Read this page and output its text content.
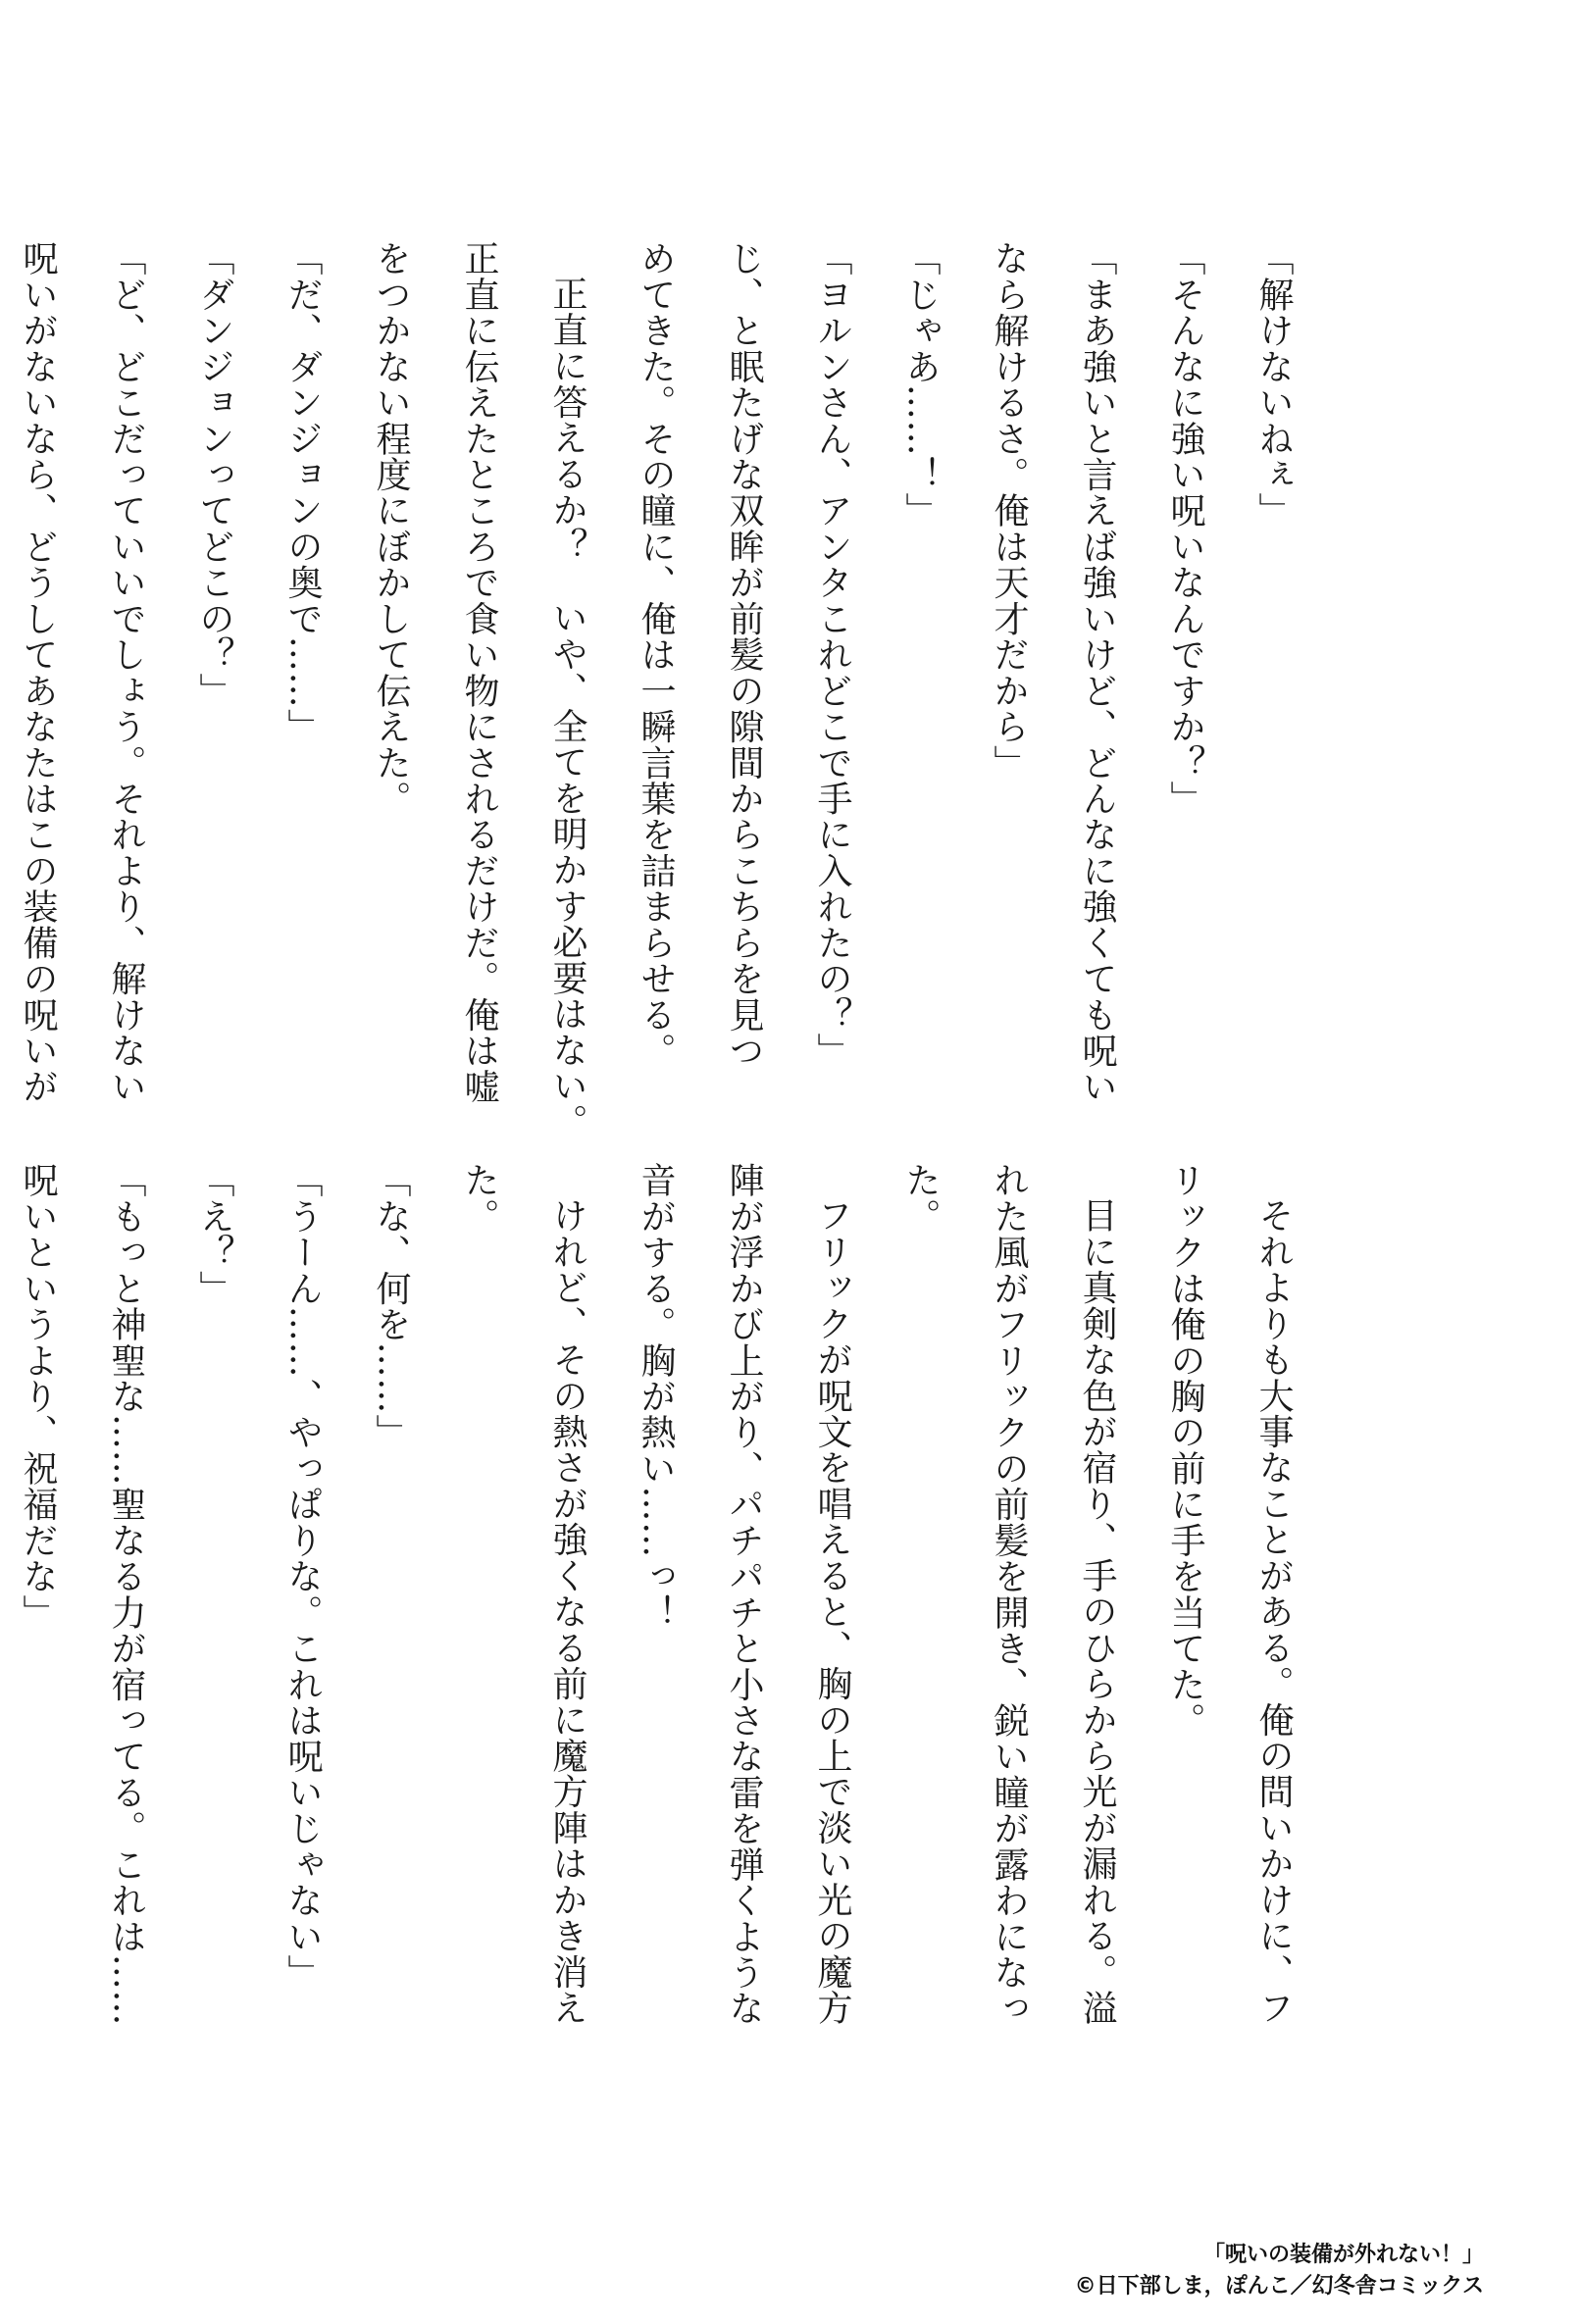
「解けないねぇ」
「そんなに強い呪いなんですか？」
「まあ強いと言えば強いけど、どんなに強くても呪い
なら解けるさ。俺は天才だから」
「じゃあ……！」
「ヨルンさん、アンタこれどこで手に入れたの？」
じ、と眠たげな双眸が前髪の隙間からこちらを見つ
めてきた。その瞳に、俺は一瞬言葉を詰まらせる。
正直に答えるか？　いや、全てを明かす必要はない。
正直に伝えたところで食い物にされるだけだ。俺は嘘
をつかない程度にぼかして伝えた。
「だ、ダンジョンの奥で……」
「ダンジョンってどこの？」
「ど、どこだっていいでしょう。それより、解けない
呪いがないなら、どうしてあなたはこの装備の呪いが
それよりも大事なことがある。俺の問いかけに、フ
リックは俺の胸の前に手を当てた。
目に真剣な色が宿り、手のひらから光が漏れる。溢
れた風がフリックの前髪を開き、鋭い瞳が露わになっ
た。
フリックが呪文を唱えると、胸の上で淡い光の魔方
陣が浮かび上がり、パチパチと小さな雷を弾くような
音がする。胸が熱い……っ！
けれど、その熱さが強くなる前に魔方陣はかき消え
た。
「な、何を……」
「うーん……、やっぱりな。これは呪いじゃない」
「え？」
「もっと神聖な……聖なる力が宿ってる。これは……
呪いというより、祝福だな」
「呪いの装備が外れない！」
©日下部しま，ぽんこ／幻冬舎コミックス
